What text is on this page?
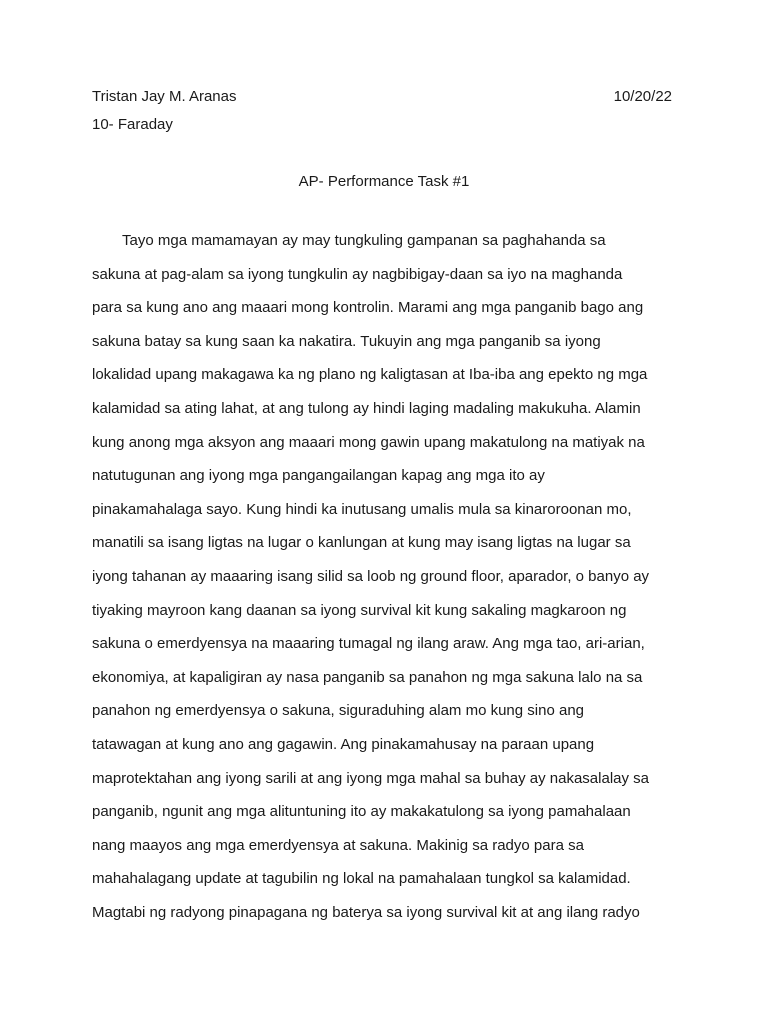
Tristan Jay M. Aranas	10/20/22
10- Faraday
AP- Performance Task #1
Tayo mga mamamayan ay may tungkuling gampanan sa paghahanda sa
sakuna at pag-alam sa iyong tungkulin ay nagbibigay-daan sa iyo na maghanda
para sa kung ano ang maaari mong kontrolin. Marami ang mga panganib bago ang
sakuna batay sa kung saan ka nakatira. Tukuyin ang mga panganib sa iyong
lokalidad upang makagawa ka ng plano ng kaligtasan at Iba-iba ang epekto ng mga
kalamidad sa ating lahat, at ang tulong ay hindi laging madaling makukuha. Alamin
kung anong mga aksyon ang maaari mong gawin upang makatulong na matiyak na
natutugunan ang iyong mga pangangailangan kapag ang mga ito ay
pinakamahalaga sayo. Kung hindi ka inutusang umalis mula sa kinaroroonan mo,
manatili sa isang ligtas na lugar o kanlungan at kung may isang ligtas na lugar sa
iyong tahanan ay maaaring isang silid sa loob ng ground floor, aparador, o banyo ay
tiyaking mayroon kang daanan sa iyong survival kit kung sakaling magkaroon ng
sakuna o emerdyensya na maaaring tumagal ng ilang araw. Ang mga tao, ari-arian,
ekonomiya, at kapaligiran ay nasa panganib sa panahon ng mga sakuna lalo na sa
panahon ng emerdyensya o sakuna, siguraduhing alam mo kung sino ang
tatawagan at kung ano ang gagawin. Ang pinakamahusay na paraan upang
maprotektahan ang iyong sarili at ang iyong mga mahal sa buhay ay nakasalalay sa
panganib, ngunit ang mga alituntuning ito ay makakatulong sa iyong pamahalaan
nang maayos ang mga emerdyensya at sakuna. Makinig sa radyo para sa
mahahalagang update at tagubilin ng lokal na pamahalaan tungkol sa kalamidad.
Magtabi ng radyong pinapagana ng baterya sa iyong survival kit at ang ilang radyo
